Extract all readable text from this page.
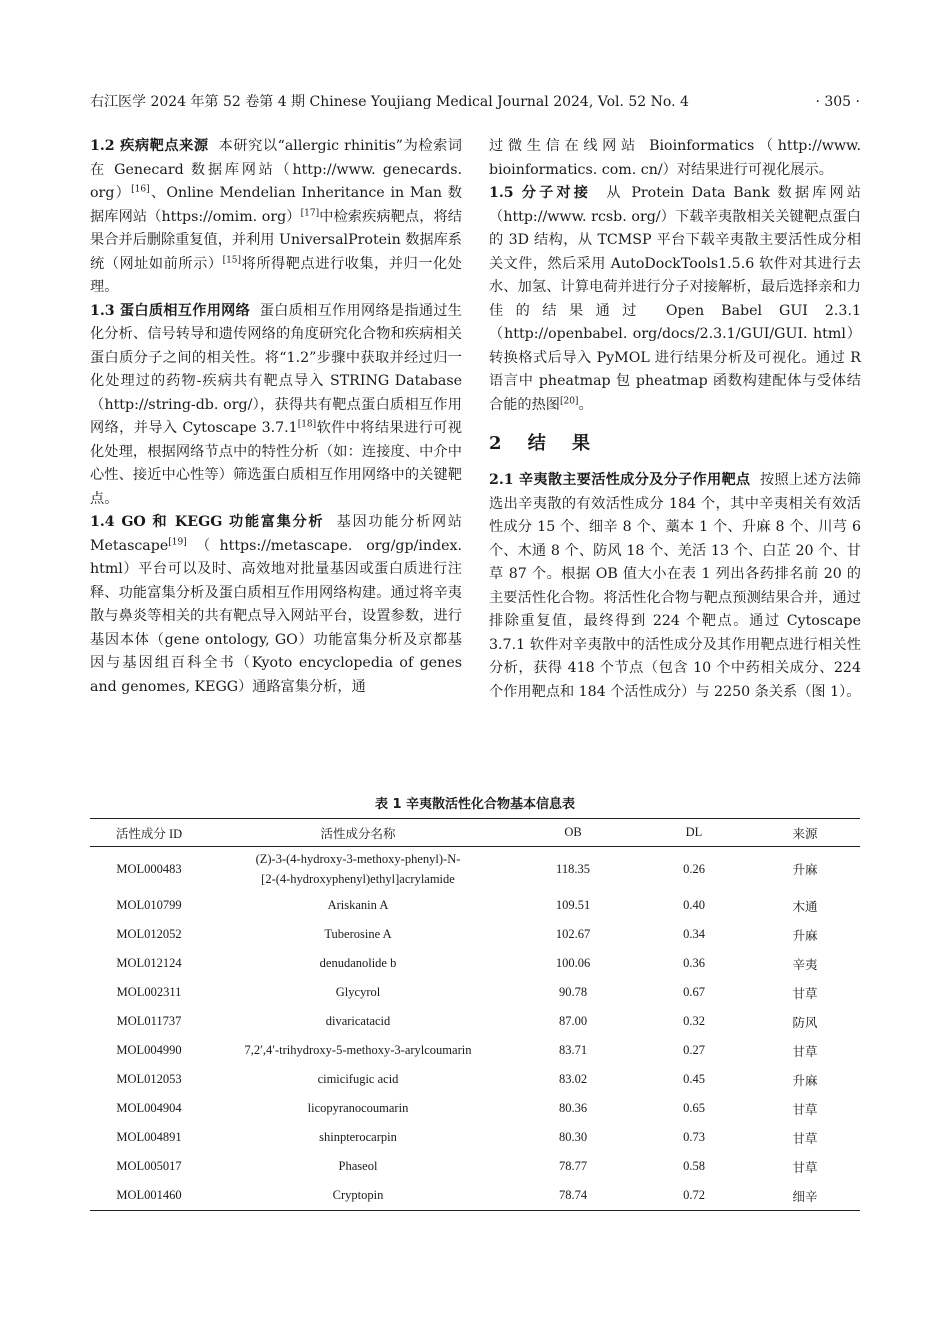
右江医学 2024 年第 52 卷第 4 期 Chinese Youjiang Medical Journal 2024, Vol. 52 No. 4	· 305 ·

1.2 疾病靶点来源 本研究以“allergic rhinitis”为检索词在 Genecard 数据库网站（http://www. genecards. org）[16]、Online Mendelian Inheritance in Man 数据库网站（https://omim. org）[17]中检索疾病靶点，将结果合并后删除重复值，并利用 UniversalProtein 数据库系统（网址如前所示）[15]将所得靶点进行收集，并归一化处理。

1.3 蛋白质相互作用网络 蛋白质相互作用网络是指通过生化分析、信号转导和遗传网络的角度研究化合物和疾病相关蛋白质分子之间的相关性。将“1.2”步骤中获取并经过归一化处理过的药物-疾病共有靶点导入 STRING Database（http://string-db. org/），获得共有靶点蛋白质相互作用网络，并导入 Cytoscape 3.7.1[18]软件中将结果进行可视化处理，根据网络节点中的特性分析（如：连接度、中介中心性、接近中心性等）筛选蛋白质相互作用网络中的关键靶点。

1.4 GO 和 KEGG 功能富集分析 基因功能分析网站 Metascape[19]（https://metascape. org/gp/index. html）平台可以及时、高效地对批量基因或蛋白质进行注释、功能富集分析及蛋白质相互作用网络构建。通过将辛夷散与鼻炎等相关的共有靶点导入网站平台，设置参数，进行基因本体（gene ontology, GO）功能富集分析及京都基因与基因组百科全书（Kyoto encyclopedia of genes and genomes, KEGG）通路富集分析，通

过微生信在线网站 Bioinformatics（http://www. bioinformatics. com. cn/）对结果进行可视化展示。

1.5 分子对接 从 Protein Data Bank 数据库网站（http://www. rcsb. org/）下载辛夷散相关关键靶点蛋白的 3D 结构，从 TCMSP 平台下载辛夷散主要活性成分相关文件，然后采用 AutoDockTools1.5.6 软件对其进行去水、加氢、计算电荷并进行分子对接解析，最后选择亲和力佳的结果通过 Open Babel GUI 2.3.1（http://openbabel. org/docs/2.3.1/GUI/GUI. html）转换格式后导入 PyMOL 进行结果分析及可视化。通过 R 语言中 pheatmap 包 pheatmap 函数构建配体与受体结合能的热图[20]。

2 结 果

2.1 辛夷散主要活性成分及分子作用靶点 按照上述方法筛选出辛夷散的有效活性成分 184 个，其中辛夷相关有效活性成分 15 个、细辛 8 个、藁本 1 个、升麻 8 个、川芎 6 个、木通 8 个、防风 18 个、羌活 13 个、白芷 20 个、甘草 87 个。根据 OB 值大小在表 1 列出各药排名前 20 的主要活性化合物。将活性化合物与靶点预测结果合并，通过排除重复值，最终得到 224 个靶点。通过 Cytoscape 3.7.1 软件对辛夷散中的活性成分及其作用靶点进行相关性分析，获得 418 个节点（包含 10 个中药相关成分、224 个作用靶点和 184 个活性成分）与 2250 条关系（图 1）。

表 1 辛夷散活性化合物基本信息表
活性成分 ID	活性成分名称	OB	DL	来源
MOL000483	(Z)-3-(4-hydroxy-3-methoxy-phenyl)-N-
[2-(4-hydroxyphenyl)ethyl]acrylamide	118.35	0.26	升麻
MOL010799	Ariskanin A	109.51	0.40	木通
MOL012052	Tuberosine A	102.67	0.34	升麻
MOL012124	denudanolide b	100.06	0.36	辛夷
MOL002311	Glycyrol	90.78	0.67	甘草
MOL011737	divaricatacid	87.00	0.32	防风
MOL004990	7,2′,4′-trihydroxy-5-methoxy-3-arylcoumarin	83.71	0.27	甘草
MOL012053	cimicifugic acid	83.02	0.45	升麻
MOL004904	licopyranocoumarin	80.36	0.65	甘草
MOL004891	shinpterocarpin	80.30	0.73	甘草
MOL005017	Phaseol	78.77	0.58	甘草
MOL001460	Cryptopin	78.74	0.72	细辛
